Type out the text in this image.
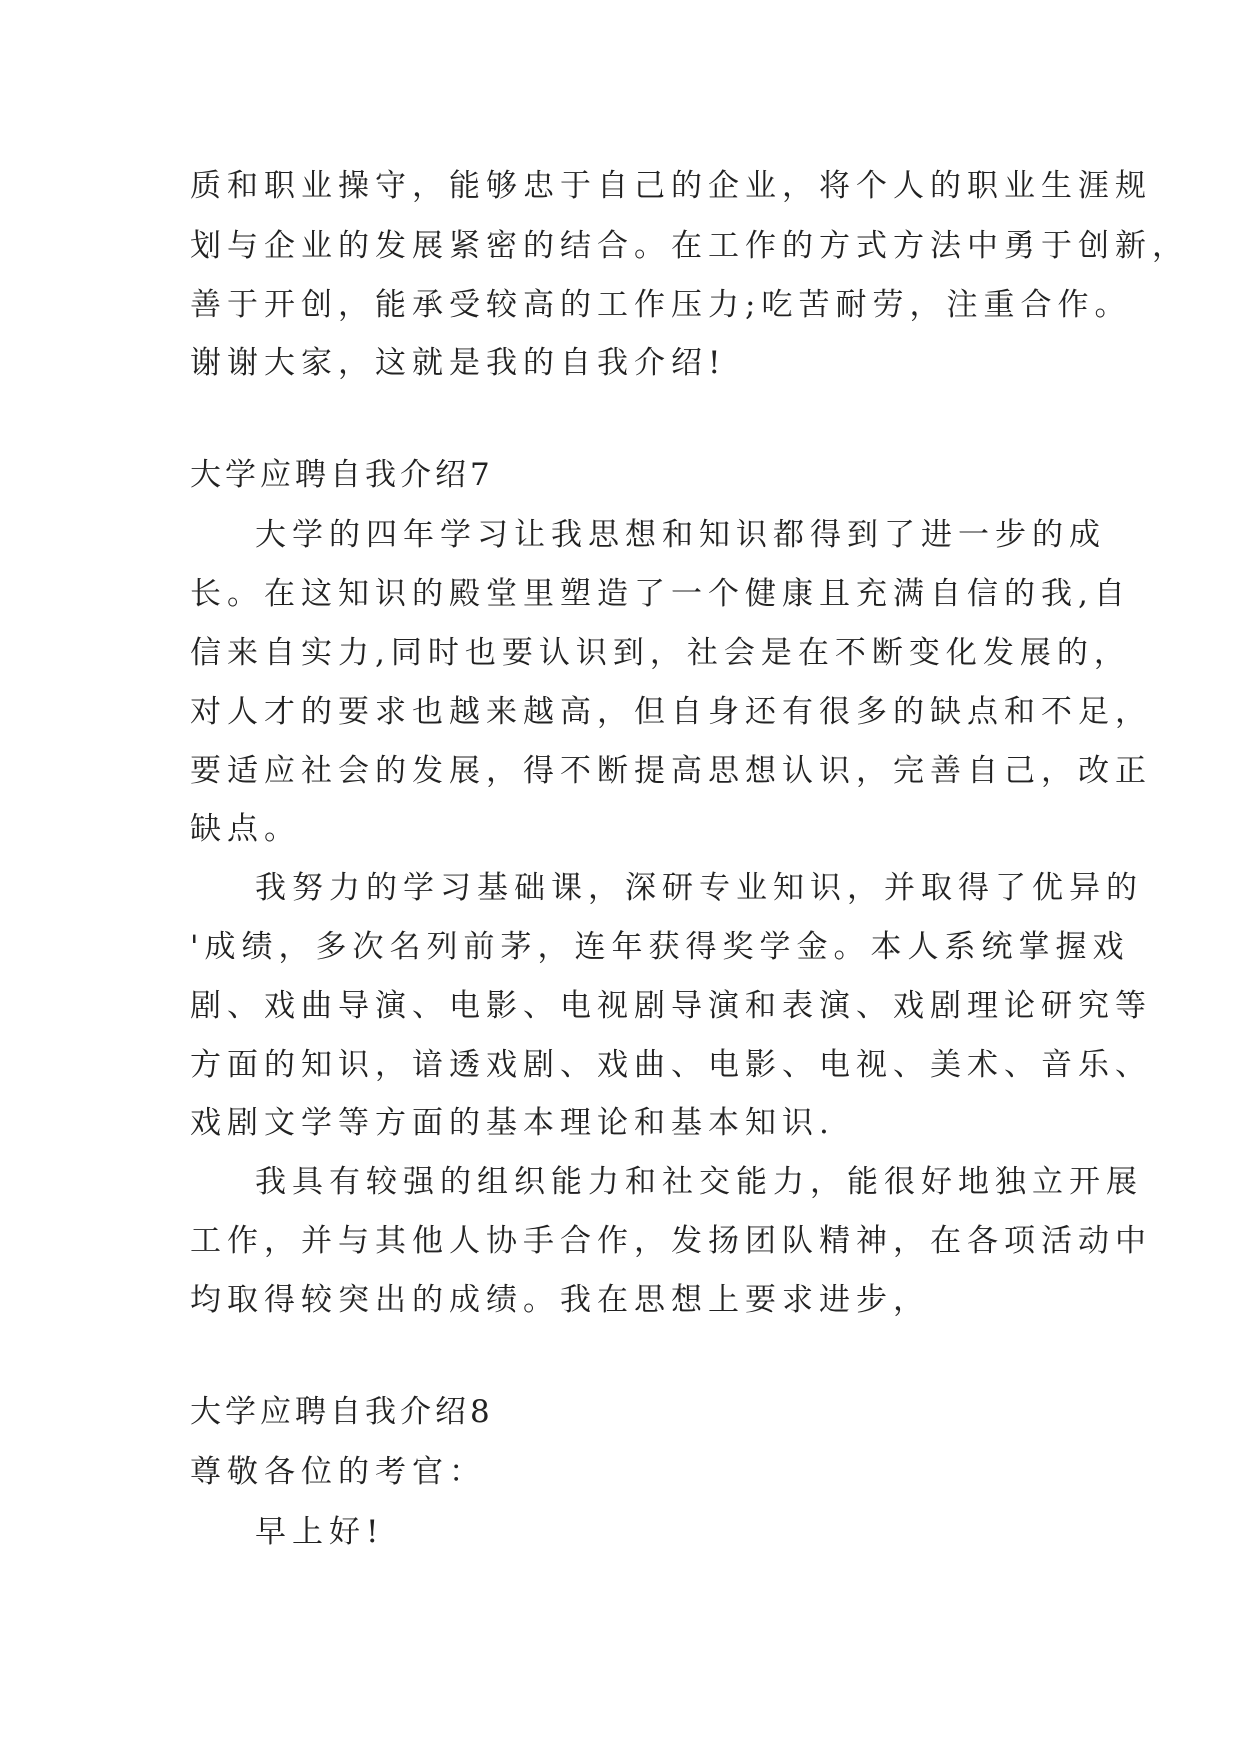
质和职业操守，能够忠于自己的企业，将个人的职业生涯规
划与企业的发展紧密的结合。在工作的方式方法中勇于创新，
善于开创，能承受较高的工作压力;吃苦耐劳，注重合作。
谢谢大家，这就是我的自我介绍!
大学应聘自我介绍7
大学的四年学习让我思想和知识都得到了进一步的成
长。在这知识的殿堂里塑造了一个健康且充满自信的我,自
信来自实力,同时也要认识到，社会是在不断变化发展的，
对人才的要求也越来越高，但自身还有很多的缺点和不足，
要适应社会的发展，得不断提高思想认识，完善自己，改正
缺点。
我努力的学习基础课，深研专业知识，并取得了优异的
'成绩，多次名列前茅，连年获得奖学金。本人系统掌握戏
剧、戏曲导演、电影、电视剧导演和表演、戏剧理论研究等
方面的知识，谙透戏剧、戏曲、电影、电视、美术、音乐、
戏剧文学等方面的基本理论和基本知识.
我具有较强的组织能力和社交能力，能很好地独立开展
工作，并与其他人协手合作，发扬团队精神，在各项活动中
均取得较突出的成绩。我在思想上要求进步，
大学应聘自我介绍8
尊敬各位的考官：
早上好!
